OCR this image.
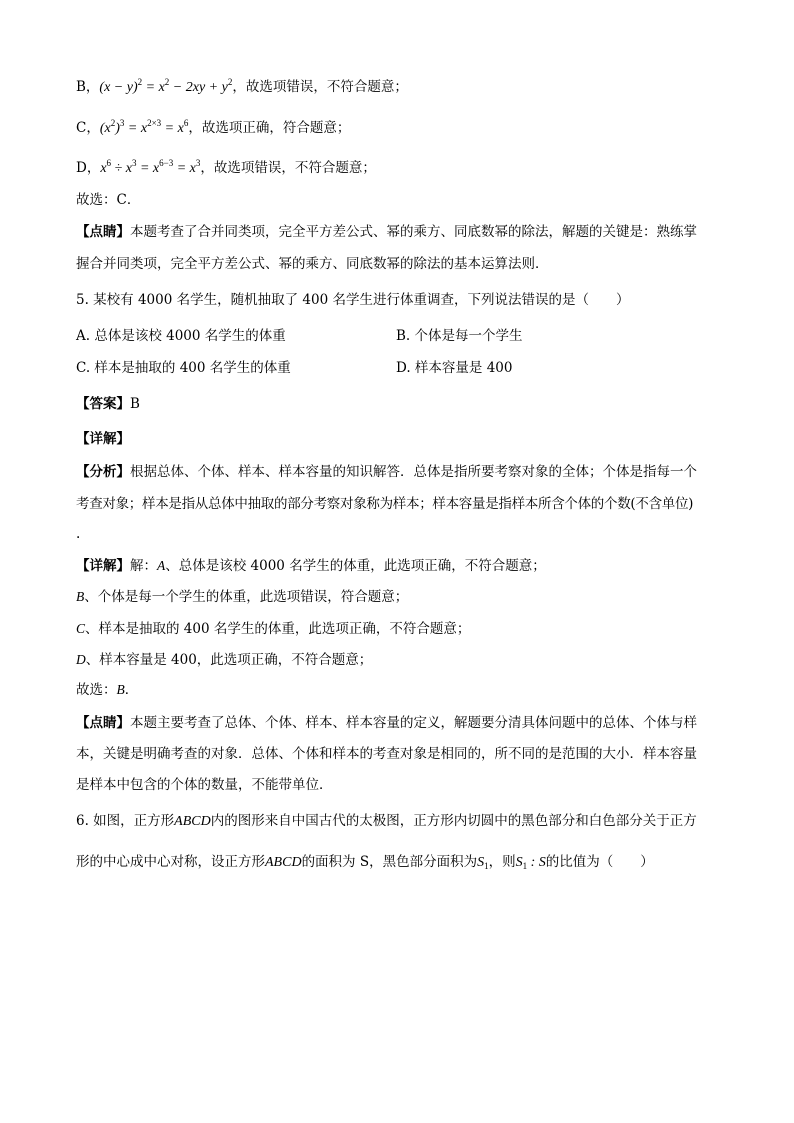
B，$(x - y)^2 = x^2 - 2xy + y^2$，故选项错误，不符合题意；
C，$(x^2)^3 = x^{2\times 3} = x^6$，故选项正确，符合题意；
D，$x^6 \div x^3 = x^{6-3} = x^3$，故选项错误，不符合题意；
故选：C．
【点睛】本题考查了合并同类项，完全平方差公式、幂的乘方、同底数幂的除法，解题的关键是：熟练掌
握合并同类项，完全平方差公式、幂的乘方、同底数幂的除法的基本运算法则．
5. 某校有 4000 名学生，随机抽取了 400 名学生进行体重调查，下列说法错误的是（　　）
A. 总体是该校 4000 名学生的体重	B. 个体是每一个学生
C. 样本是抽取的 400 名学生的体重	D. 样本容量是 400
【答案】B
【详解】
【分析】根据总体、个体、样本、样本容量的知识解答．总体是指所要考察对象的全体；个体是指每一个
考查对象；样本是指从总体中抽取的部分考察对象称为样本；样本容量是指样本所含个体的个数(不含单位)
.
【详解】解：A、总体是该校 4000 名学生的体重，此选项正确，不符合题意；
B、个体是每一个学生的体重，此选项错误，符合题意；
C、样本是抽取的 400 名学生的体重，此选项正确，不符合题意；
D、样本容量是 400，此选项正确，不符合题意；
故选：B．
【点睛】本题主要考查了总体、个体、样本、样本容量的定义，解题要分清具体问题中的总体、个体与样
本，关键是明确考查的对象．总体、个体和样本的考查对象是相同的，所不同的是范围的大小．样本容量
是样本中包含的个体的数量，不能带单位．
6. 如图，正方形ABCD内的图形来自中国古代的太极图，正方形内切圆中的黑色部分和白色部分关于正方
形的中心成中心对称，设正方形ABCD的面积为 S，黑色部分面积为$S_1$，则$S_1$ : S的比值为（　　）
